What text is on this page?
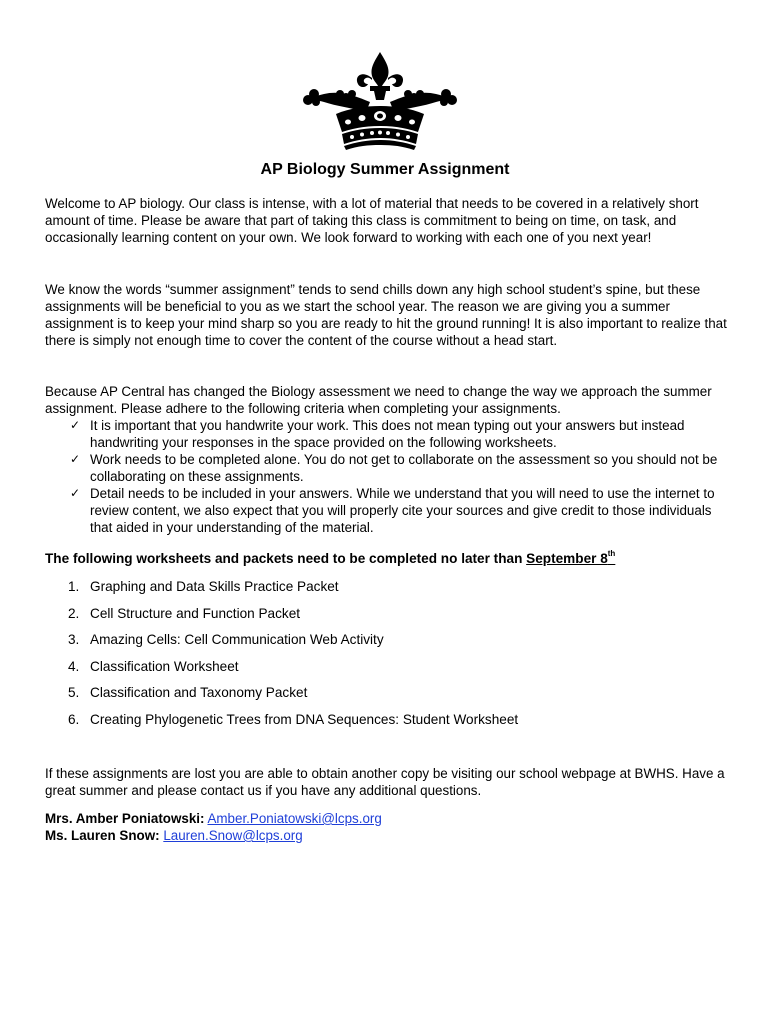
AP Biology Summer Assignment

Welcome to AP biology. Our class is intense, with a lot of material that needs to be covered in a relatively short amount of time. Please be aware that part of taking this class is commitment to being on time, on task, and occasionally learning content on your own. We look forward to working with each one of you next year!

We know the words “summer assignment” tends to send chills down any high school student’s spine, but these assignments will be beneficial to you as we start the school year. The reason we are giving you a summer assignment is to keep your mind sharp so you are ready to hit the ground running! It is also important to realize that there is simply not enough time to cover the content of the course without a head start.

Because AP Central has changed the Biology assessment we need to change the way we approach the summer assignment. Please adhere to the following criteria when completing your assignments.

✓ It is important that you handwrite your work. This does not mean typing out your answers but instead handwriting your responses in the space provided on the following worksheets.
✓ Work needs to be completed alone. You do not get to collaborate on the assessment so you should not be collaborating on these assignments.
✓ Detail needs to be included in your answers. While we understand that you will need to use the internet to review content, we also expect that you will properly cite your sources and give credit to those individuals that aided in your understanding of the material.
The following worksheets and packets need to be completed no later than September 8th
1. Graphing and Data Skills Practice Packet
2. Cell Structure and Function Packet
3. Amazing Cells: Cell Communication Web Activity
4. Classification Worksheet
5. Classification and Taxonomy Packet
6. Creating Phylogenetic Trees from DNA Sequences: Student Worksheet
If these assignments are lost you are able to obtain another copy be visiting our school webpage at BWHS. Have a great summer and please contact us if you have any additional questions.
Mrs. Amber Poniatowski: Amber.Poniatowski@lcps.org
Ms. Lauren Snow: Lauren.Snow@lcps.org
